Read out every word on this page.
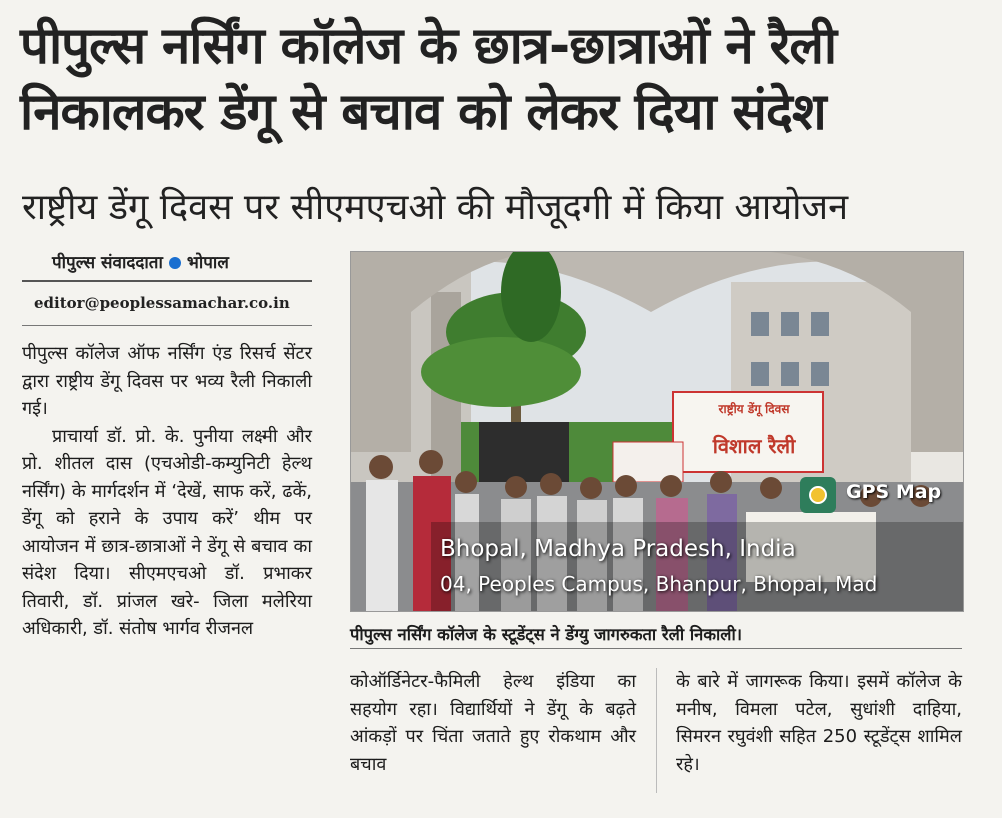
पीपुल्स नर्सिंग कॉलेज के छात्र-छात्राओं ने रैली
निकालकर डेंगू से बचाव को लेकर दिया संदेश
राष्ट्रीय डेंगू दिवस पर सीएमएचओ की मौजूदगी में किया आयोजन
पीपुल्स संवाददाता भोपाल
editor@peoplessamachar.co.in

पीपुल्स कॉलेज ऑफ नर्सिंग एंड रिसर्च सेंटर द्वारा राष्ट्रीय डेंगू दिवस पर भव्य रैली निकाली गई।

प्राचार्या डॉ. प्रो. के. पुनीया लक्ष्मी और प्रो. शीतल दास (एचओडी-कम्युनिटी हेल्थ नर्सिंग) के मार्गदर्शन में ‘देखें, साफ करें, ढकें, डेंगू को हराने के उपाय करें’ थीम पर आयोजन में छात्र-छात्राओं ने डेंगू से बचाव का संदेश दिया। सीएमएचओ डॉ. प्रभाकर तिवारी, डॉ. प्रांजल खरे- जिला मलेरिया अधिकारी, डॉ. संतोष भार्गव रीजनल

GPS Map
Bhopal, Madhya Pradesh, India
04, Peoples Campus, Bhanpur, Bhopal, Mad
पीपुल्स नर्सिंग कॉलेज के स्टूडेंट्स ने डेंग्यु जागरुकता रैली निकाली।

कोऑर्डिनेटर-फैमिली हेल्थ इंडिया का सहयोग रहा। विद्यार्थियों ने डेंगू के बढ़ते आंकड़ों पर चिंता जताते हुए रोकथाम और बचाव

के बारे में जागरूक किया। इसमें कॉलेज के मनीष, विमला पटेल, सुधांशी दाहिया, सिमरन रघुवंशी सहित 250 स्टूडेंट्स शामिल रहे।

राष्ट्रीय डेंगू दिवस
विशाल रैली
